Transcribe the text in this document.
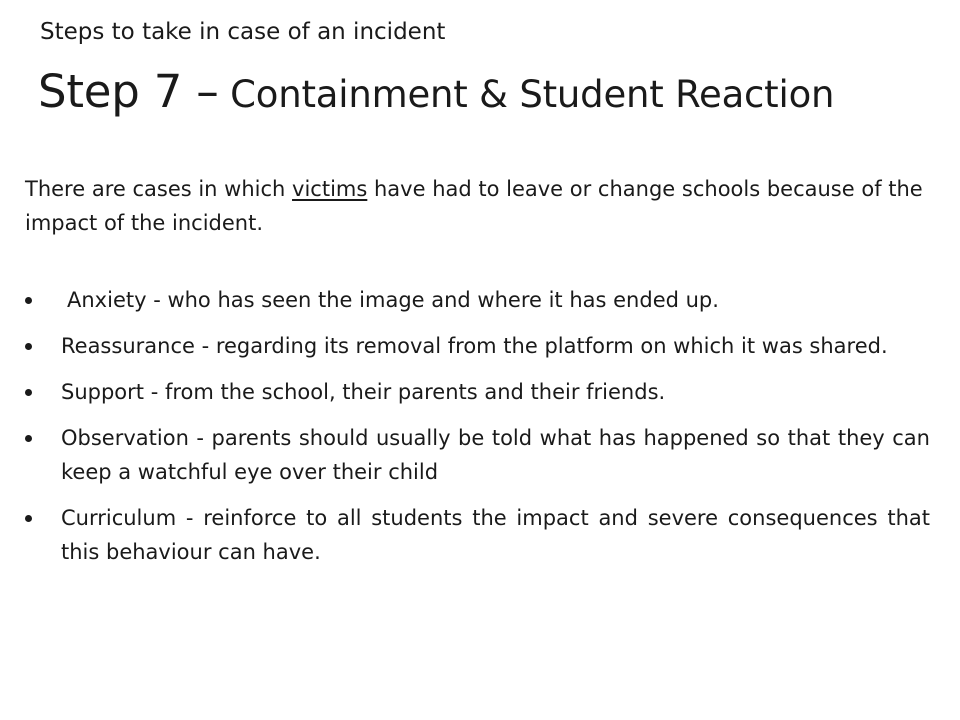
Steps to take in case of an incident
Step 7 – Containment & Student Reaction
There are cases in which victims have had to leave or change schools because of the impact of the incident.
Anxiety - who has seen the image and where it has ended up.
Reassurance - regarding its removal from the platform on which it was shared.
Support - from the school, their parents and their friends.
Observation - parents should usually be told what has happened so that they can keep a watchful eye over their child
Curriculum - reinforce to all students the impact and severe consequences that this behaviour can have.
